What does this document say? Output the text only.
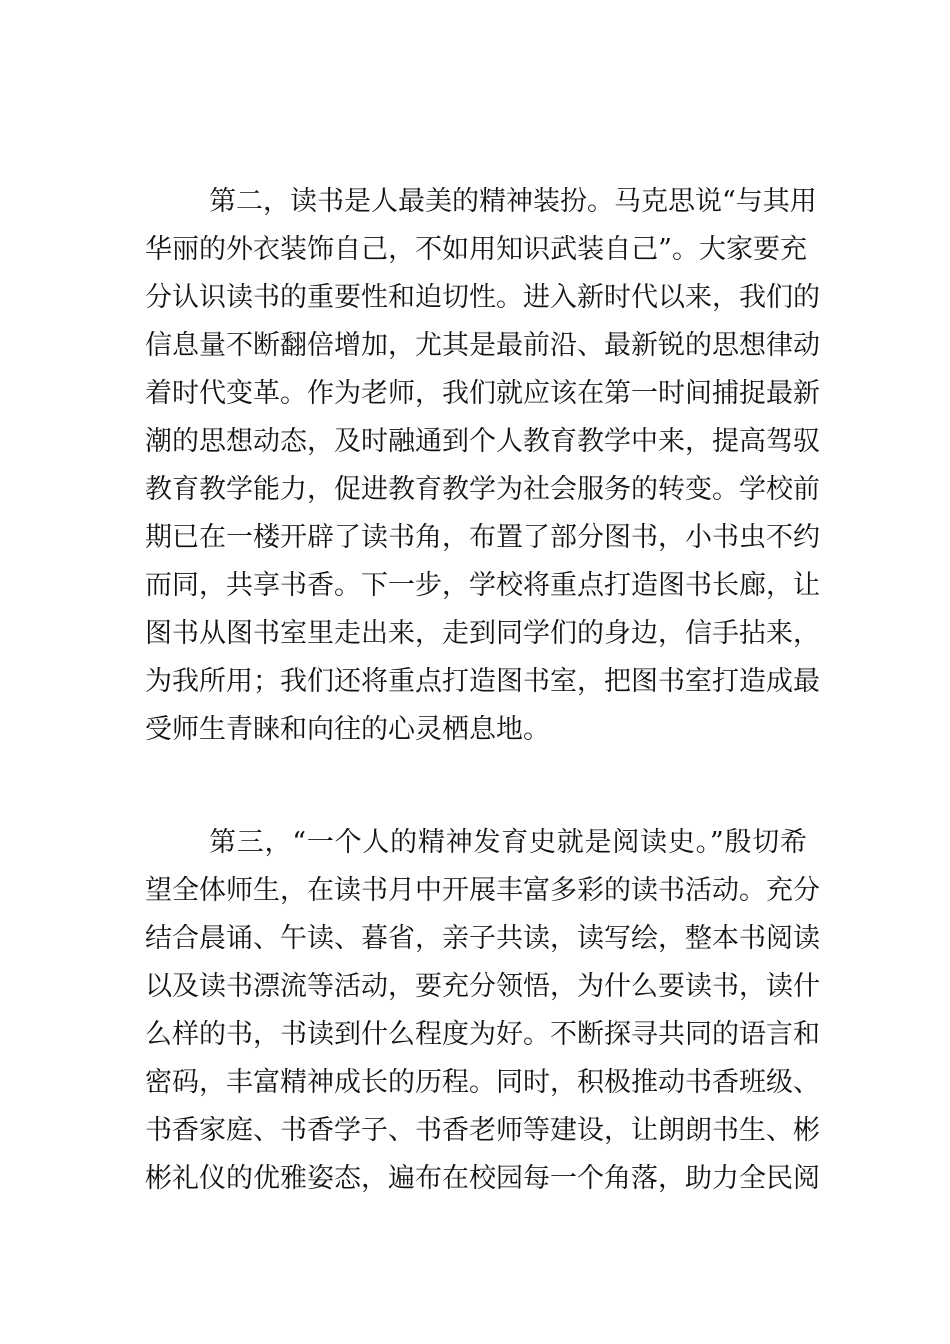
第二，读书是人最美的精神装扮。马克思说“与其用
华丽的外衣装饰自己，不如用知识武装自己”。大家要充
分认识读书的重要性和迫切性。进入新时代以来，我们的
信息量不断翻倍增加，尤其是最前沿、最新锐的思想律动
着时代变革。作为老师，我们就应该在第一时间捕捉最新
潮的思想动态，及时融通到个人教育教学中来，提高驾驭
教育教学能力，促进教育教学为社会服务的转变。学校前
期已在一楼开辟了读书角，布置了部分图书，小书虫不约
而同，共享书香。下一步，学校将重点打造图书长廊，让
图书从图书室里走出来，走到同学们的身边，信手拈来，
为我所用；我们还将重点打造图书室，把图书室打造成最
受师生青睐和向往的心灵栖息地。
第三，“一个人的精神发育史就是阅读史。”殷切希
望全体师生，在读书月中开展丰富多彩的读书活动。充分
结合晨诵、午读、暮省，亲子共读，读写绘，整本书阅读
以及读书漂流等活动，要充分领悟，为什么要读书，读什
么样的书，书读到什么程度为好。不断探寻共同的语言和
密码，丰富精神成长的历程。同时，积极推动书香班级、
书香家庭、书香学子、书香老师等建设，让朗朗书生、彬
彬礼仪的优雅姿态，遍布在校园每一个角落，助力全民阅
